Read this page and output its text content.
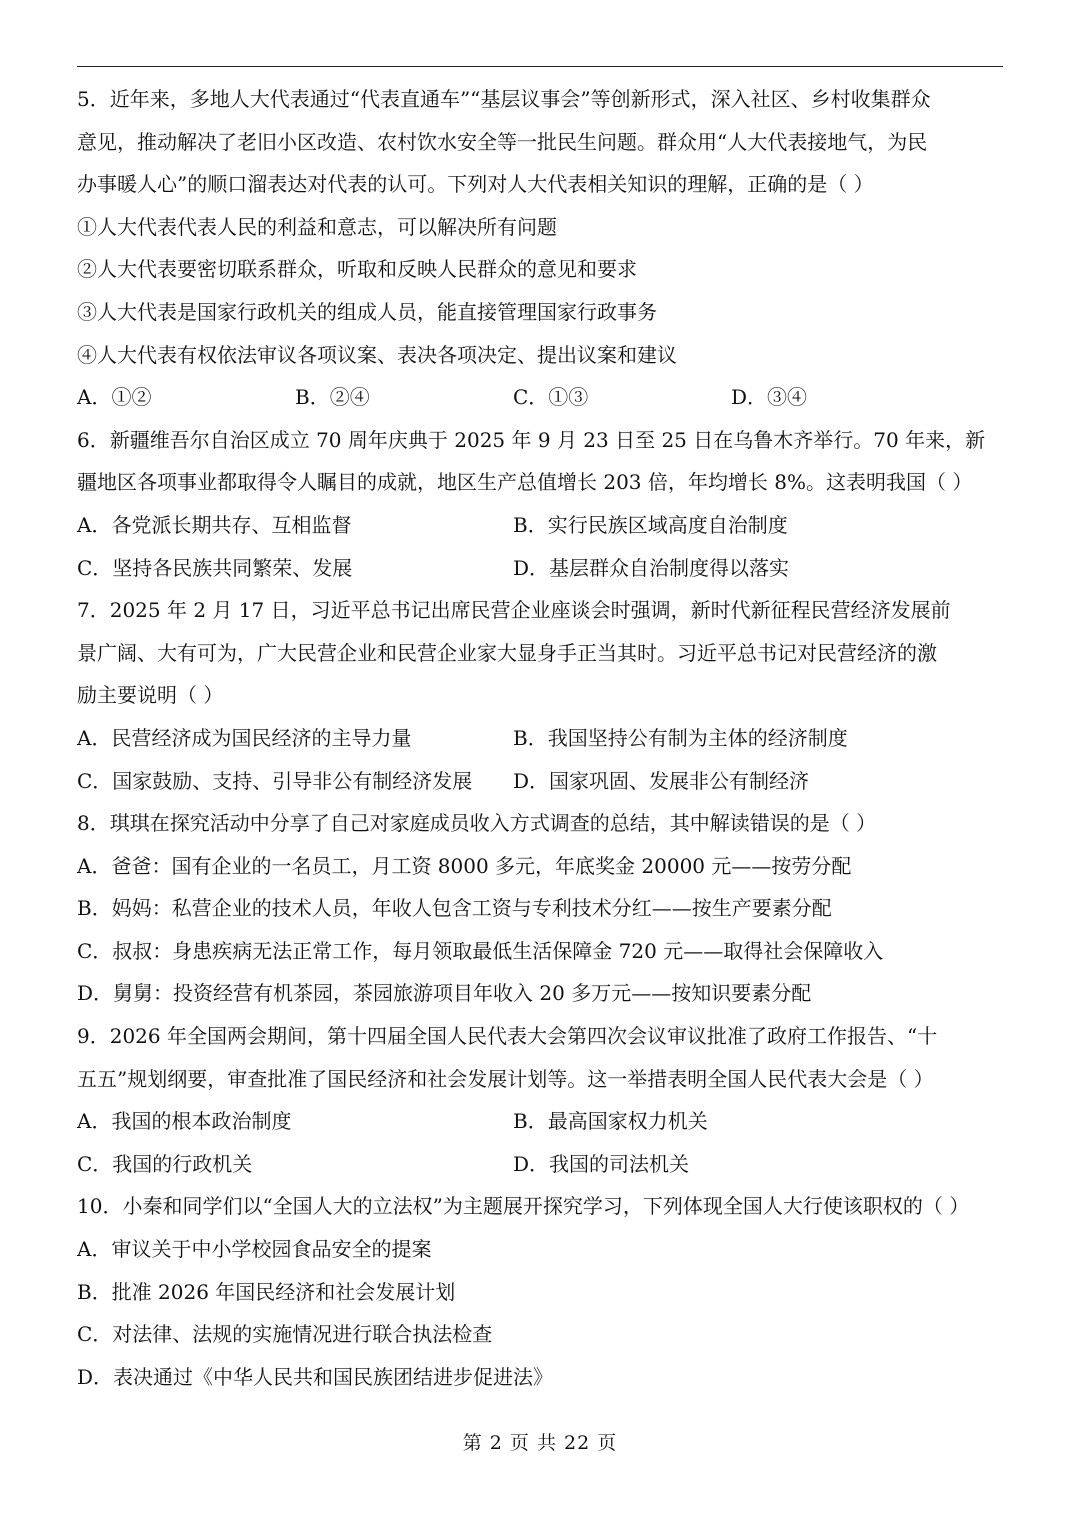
5．近年来，多地人大代表通过“代表直通车”“基层议事会”等创新形式，深入社区、乡村收集群众
意见，推动解决了老旧小区改造、农村饮水安全等一批民生问题。群众用“人大代表接地气，为民
办事暖人心”的顺口溜表达对代表的认可。下列对人大代表相关知识的理解，正确的是（ ）
①人大代表代表人民的利益和意志，可以解决所有问题
②人大代表要密切联系群众，听取和反映人民群众的意见和要求
③人大代表是国家行政机关的组成人员，能直接管理国家行政事务
④人大代表有权依法审议各项议案、表决各项决定、提出议案和建议
A．①②	B．②④	C．①③	D．③④
6．新疆维吾尔自治区成立 70 周年庆典于 2025 年 9 月 23 日至 25 日在乌鲁木齐举行。70 年来，新
疆地区各项事业都取得令人瞩目的成就，地区生产总值增长 203 倍，年均增长 8%。这表明我国（ ）
A．各党派长期共存、互相监督	B．实行民族区域高度自治制度
C．坚持各民族共同繁荣、发展	D．基层群众自治制度得以落实
7．2025 年 2 月 17 日，习近平总书记出席民营企业座谈会时强调，新时代新征程民营经济发展前
景广阔、大有可为，广大民营企业和民营企业家大显身手正当其时。习近平总书记对民营经济的激
励主要说明（ ）
A．民营经济成为国民经济的主导力量	B．我国坚持公有制为主体的经济制度
C．国家鼓励、支持、引导非公有制经济发展	D．国家巩固、发展非公有制经济
8．琪琪在探究活动中分享了自己对家庭成员收入方式调查的总结，其中解读错误的是（ ）
A．爸爸：国有企业的一名员工，月工资 8000 多元，年底奖金 20000 元——按劳分配
B．妈妈：私营企业的技术人员，年收人包含工资与专利技术分红——按生产要素分配
C．叔叔：身患疾病无法正常工作，每月领取最低生活保障金 720 元——取得社会保障收入
D．舅舅：投资经营有机茶园，茶园旅游项目年收入 20 多万元——按知识要素分配
9．2026 年全国两会期间，第十四届全国人民代表大会第四次会议审议批准了政府工作报告、“十
五五”规划纲要，审查批准了国民经济和社会发展计划等。这一举措表明全国人民代表大会是（ ）
A．我国的根本政治制度	B．最高国家权力机关
C．我国的行政机关	D．我国的司法机关
10．小秦和同学们以“全国人大的立法权”为主题展开探究学习，下列体现全国人大行使该职权的（ ）
A．审议关于中小学校园食品安全的提案
B．批准 2026 年国民经济和社会发展计划
C．对法律、法规的实施情况进行联合执法检查
D．表决通过《中华人民共和国民族团结进步促进法》
第 2 页 共 22 页
